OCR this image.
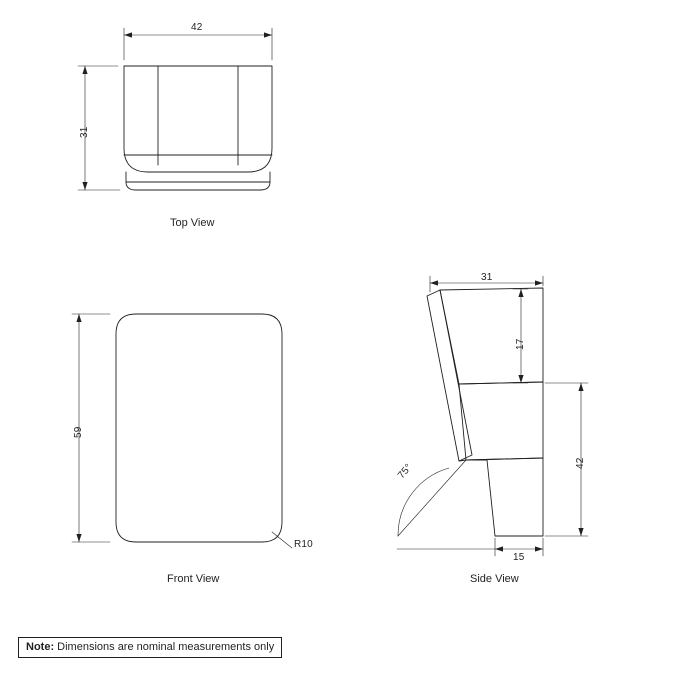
42
31
59
R10
31
17
42
15
75°
Top View
Front View	Side View
Note: Dimensions are nominal measurements only
